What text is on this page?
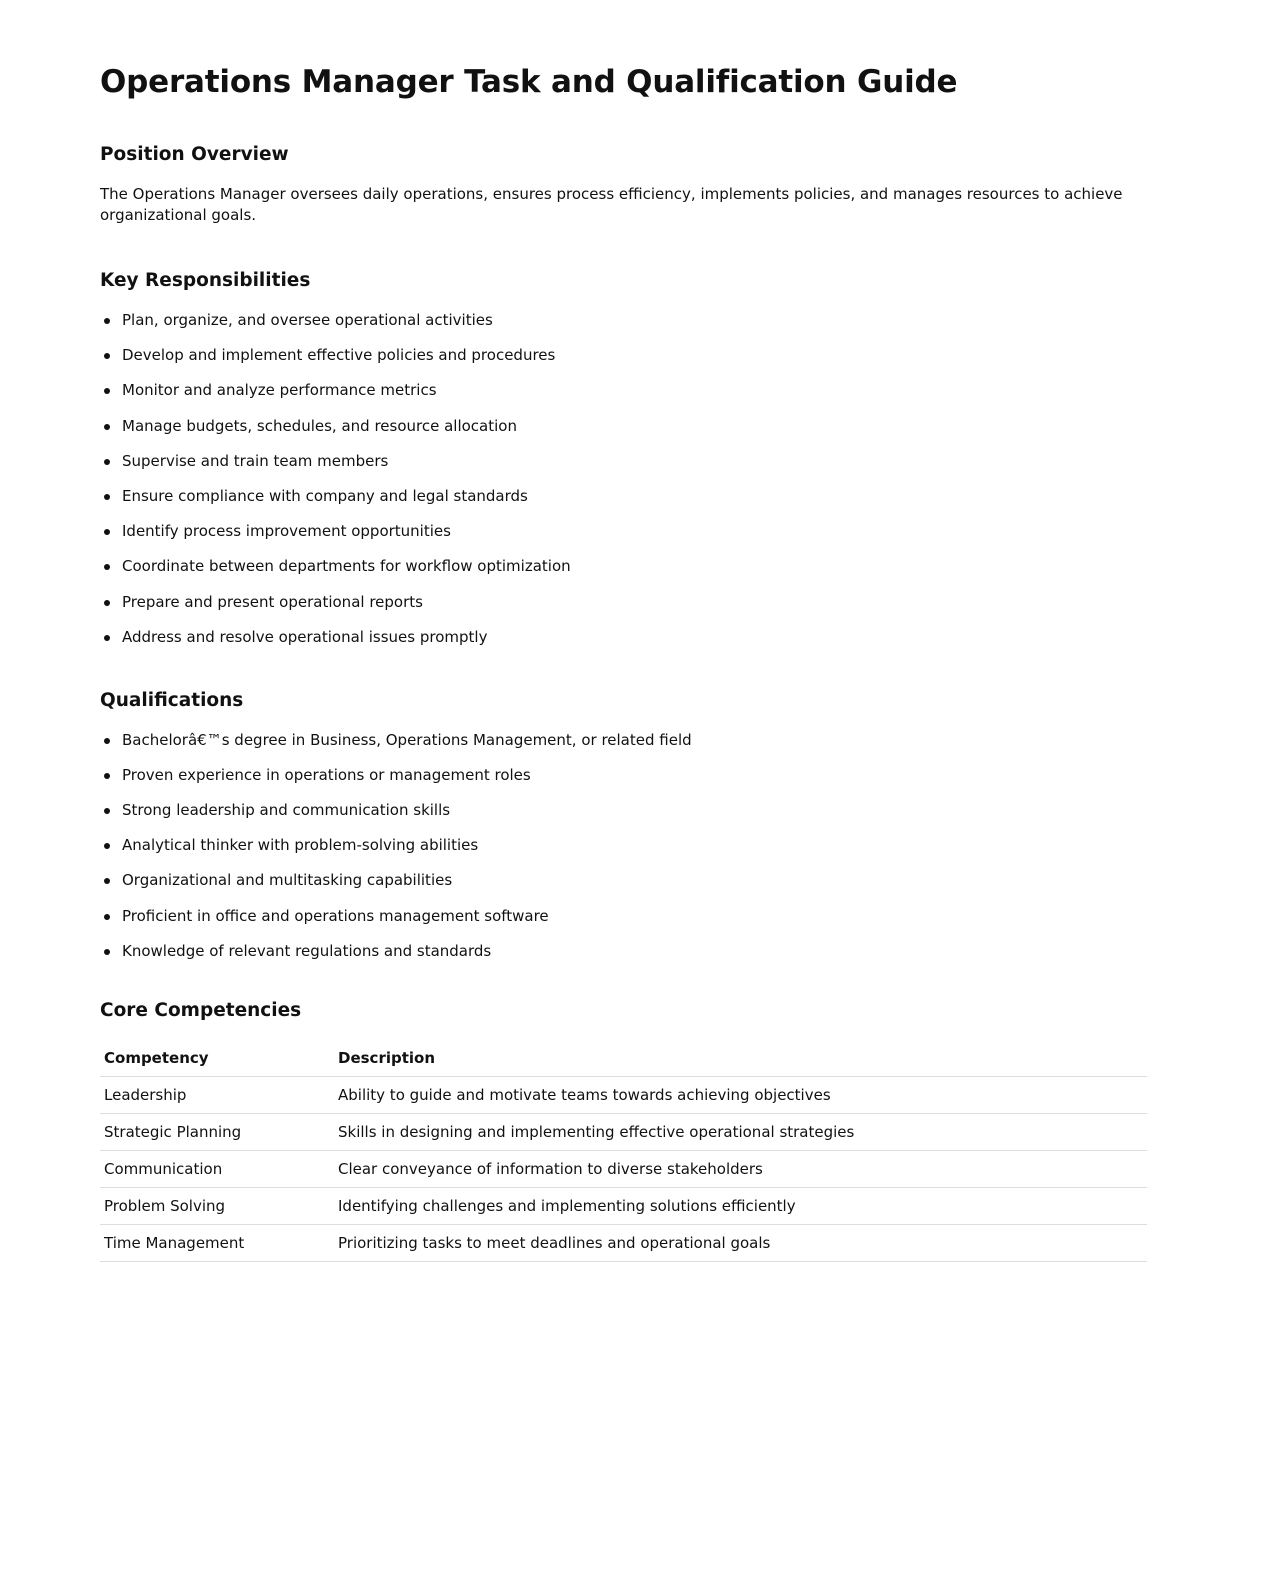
Operations Manager Task and Qualification Guide
Position Overview

The Operations Manager oversees daily operations, ensures process efficiency, implements policies, and manages resources to achieve organizational goals.

Key Responsibilities
Plan, organize, and oversee operational activities
Develop and implement effective policies and procedures
Monitor and analyze performance metrics
Manage budgets, schedules, and resource allocation
Supervise and train team members
Ensure compliance with company and legal standards
Identify process improvement opportunities
Coordinate between departments for workflow optimization
Prepare and present operational reports
Address and resolve operational issues promptly
Qualifications
Bachelorâ€™s degree in Business, Operations Management, or related field
Proven experience in operations or management roles
Strong leadership and communication skills
Analytical thinker with problem-solving abilities
Organizational and multitasking capabilities
Proficient in office and operations management software
Knowledge of relevant regulations and standards
Core Competencies
Competency	Description
Leadership	Ability to guide and motivate teams towards achieving objectives
Strategic Planning	Skills in designing and implementing effective operational strategies
Communication	Clear conveyance of information to diverse stakeholders
Problem Solving	Identifying challenges and implementing solutions efficiently
Time Management	Prioritizing tasks to meet deadlines and operational goals
